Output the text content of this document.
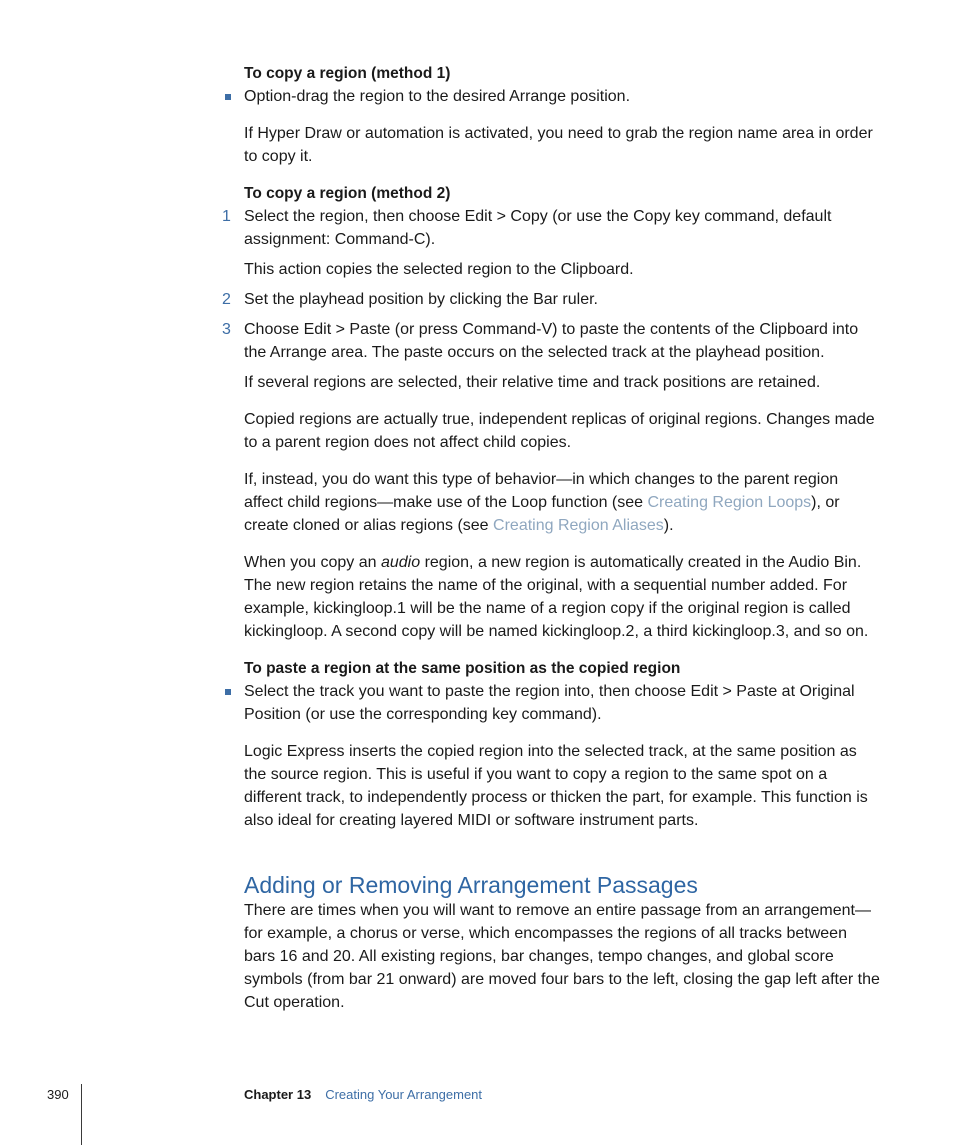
To copy a region (method 1)

Option-drag the region to the desired Arrange position.

If Hyper Draw or automation is activated, you need to grab the region name area in order to copy it.

To copy a region (method 2)

1 Select the region, then choose Edit > Copy (or use the Copy key command, default assignment: Command-C).

This action copies the selected region to the Clipboard.

2 Set the playhead position by clicking the Bar ruler.

3 Choose Edit > Paste (or press Command-V) to paste the contents of the Clipboard into the Arrange area. The paste occurs on the selected track at the playhead position.

If several regions are selected, their relative time and track positions are retained.

Copied regions are actually true, independent replicas of original regions. Changes made to a parent region does not affect child copies.

If, instead, you do want this type of behavior—in which changes to the parent region affect child regions—make use of the Loop function (see Creating Region Loops), or create cloned or alias regions (see Creating Region Aliases).

When you copy an audio region, a new region is automatically created in the Audio Bin. The new region retains the name of the original, with a sequential number added. For example, kickingloop.1 will be the name of a region copy if the original region is called kickingloop. A second copy will be named kickingloop.2, a third kickingloop.3, and so on.

To paste a region at the same position as the copied region

Select the track you want to paste the region into, then choose Edit > Paste at Original Position (or use the corresponding key command).

Logic Express inserts the copied region into the selected track, at the same position as the source region. This is useful if you want to copy a region to the same spot on a different track, to independently process or thicken the part, for example. This function is also ideal for creating layered MIDI or software instrument parts.

Adding or Removing Arrangement Passages

There are times when you will want to remove an entire passage from an arrangement—for example, a chorus or verse, which encompasses the regions of all tracks between bars 16 and 20. All existing regions, bar changes, tempo changes, and global score symbols (from bar 21 onward) are moved four bars to the left, closing the gap left after the Cut operation.

390	Chapter 13 Creating Your Arrangement
